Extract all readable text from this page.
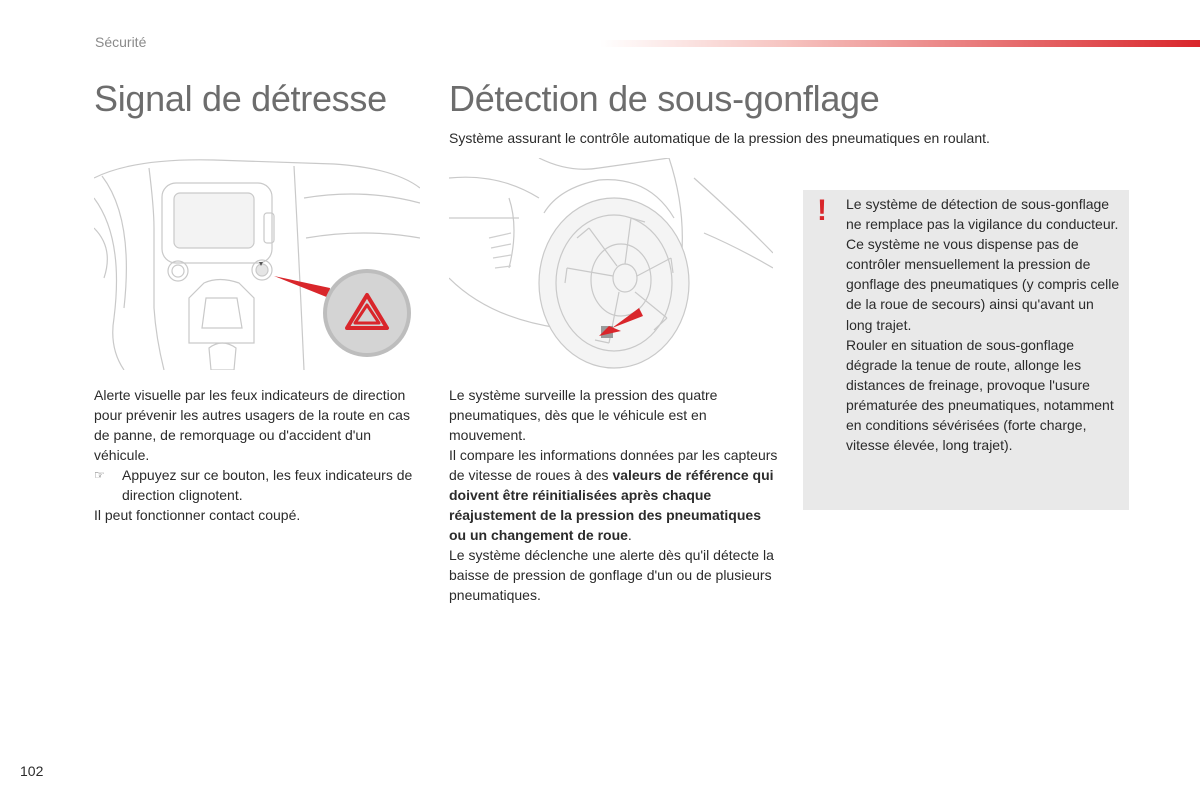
Sécurité
Signal de détresse Détection de sous-gonflage
Système assurant le contrôle automatique de la pression des pneumatiques en roulant.

Alerte visuelle par les feux indicateurs de direction pour prévenir les autres usagers de la route en cas de panne, de remorquage ou d'accident d'un véhicule.

☞	Appuyez sur ce bouton, les feux indicateurs de direction clignotent.

Il peut fonctionner contact coupé.

Le système surveille la pression des quatre pneumatiques, dès que le véhicule est en mouvement.

Il compare les informations données par les capteurs de vitesse de roues à des valeurs de référence qui doivent être réinitialisées après chaque réajustement de la pression des pneumatiques ou un changement de roue.

Le système déclenche une alerte dès qu'il détecte la baisse de pression de gonflage d'un ou de plusieurs pneumatiques.

! Le système de détection de sous-gonflage ne remplace pas la vigilance du conducteur.

Ce système ne vous dispense pas de contrôler mensuellement la pression de gonflage des pneumatiques (y compris celle de la roue de secours) ainsi qu'avant un long trajet.

Rouler en situation de sous-gonflage dégrade la tenue de route, allonge les distances de freinage, provoque l'usure prématurée des pneumatiques, notamment en conditions sévérisées (forte charge, vitesse élevée, long trajet).

102
